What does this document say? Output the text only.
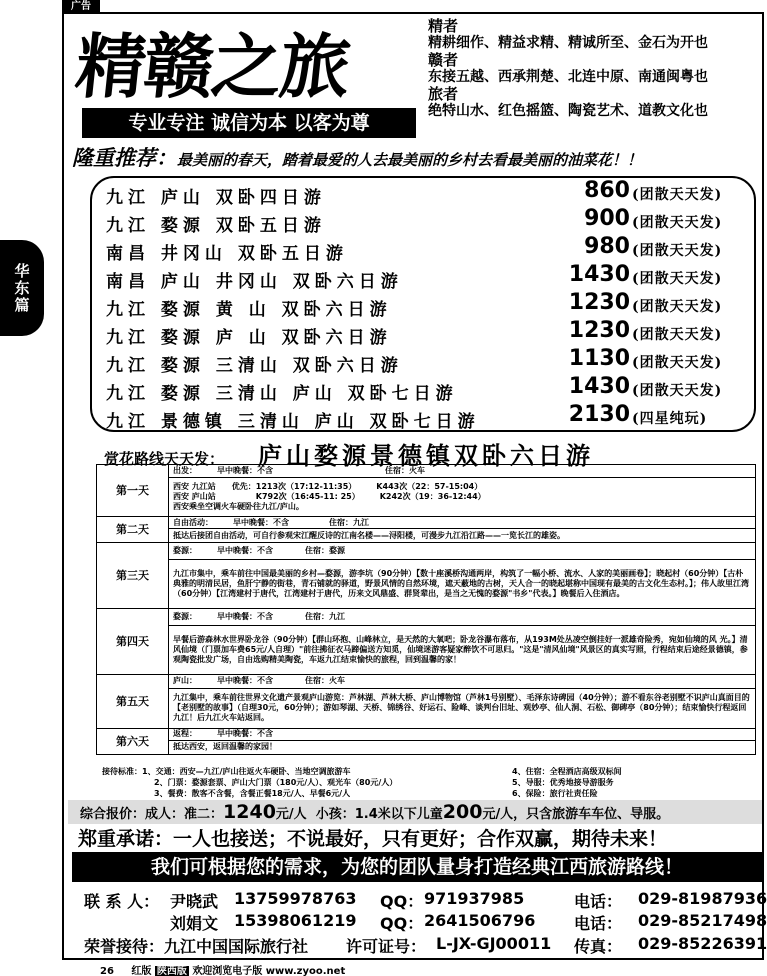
广告
华
东
篇
精赣之旅
专业专注 诚信为本 以客为尊
精者
精耕细作、精益求精、精诚所至、金石为开也
赣者
东接五越、西承荆楚、北连中原、南通闽粤也
旅者
绝特山水、红色摇篮、陶瓷艺术、道教文化也
隆重推荐：最美丽的春天，踏着最爱的人去最美丽的乡村去看最美丽的油菜花！！
九江 庐山 双卧四日游	860 (团散天天发)
九江 婺源 双卧五日游	900 (团散天天发)
南昌 井冈山 双卧五日游	980 (团散天天发)
南昌 庐山 井冈山 双卧六日游	1430 (团散天天发)
九江 婺源 黄 山 双卧六日游	1230 (团散天天发)
九江 婺源 庐 山 双卧六日游	1230 (团散天天发)
九江 婺源 三清山 双卧六日游	1130 (团散天天发)
九江 婺源 三清山 庐山 双卧七日游	1430 (团散天天发)
九江 景德镇 三清山 庐山 双卧七日游	2130 (四星纯玩)
赏花路线天天发： 庐山婺源景德镇双卧六日游
第一天	出发：　　　早中晚餐：不含　　　　　　　　　　　　　　住宿：火车
	西安 九江站　　优先：1213次（17:12-11:35）　　　K443次（22：57-15:04）
西安 庐山站　　　　　K792次（16:45-11: 25）　　　K242次（19：36-12:44）
西安乘坐空调火车硬卧往九江/庐山。
第二天	自由活动：　　　早中晚餐：不含　　　　　住宿：九江
	抵达后接团自由活动，可自行参观宋江醒反诗的江南名楼——浔阳楼，可漫步九江沿江路——一览长江的雄姿。
第三天	婺源：　　　早中晚餐：不含　　　　住宿：婺源
	九江市集中，乘车前往中国最美丽的乡村—婺源，游李坑（90分钟）【数十座溪桥沟通两岸，构筑了一幅小桥、流水、人家的美丽画卷】；晓起村（60分钟）【古朴典雅的明清民居，鱼肝宁静的街巷，青石铺就的驿道，野景风情的自然环境，遮天蔽地的古树，天人合一的晓起堪称中国现有最美的古文化生态村。】；伟人故里江湾（60分钟）【江湾建村于唐代，江湾建村于唐代，历来文风鼎盛、群贤辈出，是当之无愧的婺源"书乡"代表。】晚餐后入住酒店。
第四天	婺源：　　　早中晚餐：不含　　　　住宿：九江
	早餐后游森林水世界卧龙谷（90分钟）【群山环抱、山峰林立，是天然的大氧吧；卧龙谷瀑布落布，从193M处丛凌空倒挂好一派雄奇险秀，宛如仙境的风 光。】清风仙境（门票加车费65元/人自理）"前往拂征衣马蹄偏送方知觅，仙境迷游客疑家醉饮不可思归。"这是"清风仙境"风景区的真实写照，行程结束后途经景德镇，参观陶瓷批发广场，自由选购精美陶瓷，车返九江结束愉快的旅程，回到温馨的家！
第五天	庐山：　　　早中晚餐：不含　　　　住宿：火车
	九江集中，乘车前往世界文化遗产景观庐山游览：芦林湖、芦林大桥、庐山博物馆（芦林1号别墅）、毛泽东诗碑园（40分钟）；游不看东谷老别墅不识庐山真面目的【老别墅的故事】（自理30元，60分钟）；游如琴湖、天桥、锦绣谷、好运石、险峰、谈判台旧址、观妙亭、仙人洞、石松、御碑亭（80分钟）；结束愉快行程返回九江！后九江火车站返回。
第六天	返程：　　　早中晚餐：不含
	抵达西安，返回温馨的家园！
接待标准：1、交通：西安—九江/庐山往返火车硬卧、当地空调旅游车
2、门票：婺源套票、庐山大门票（180元/人）、观光车（80元/人）
3、餐费：散客不含餐，含餐正餐18元/人、早餐6元/人
4、住宿：全程酒店高级双标间
5、导服：优秀地接导游服务
6、保险：旅行社责任险
综合报价：成人：准二：1240元/人 小孩：1.4米以下儿童200元/人，只含旅游车车位、导服。
郑重承诺：一人也接送；不说最好，只有更好；合作双赢，期待未来！
我们可根据您的需求，为您的团队量身打造经典江西旅游路线！
联 系 人： 尹晓武 13759978763 QQ： 971937985	电话： 029-81987936
刘娟文 15398061219 QQ： 2641506796 电话： 029-85217498
荣誉接待： 九江中国国际旅行社 许可证号： L-JX-GJ00011 传真： 029-85226391
26 红版 陕西版 欢迎浏览电子版 www.zyoo.net
